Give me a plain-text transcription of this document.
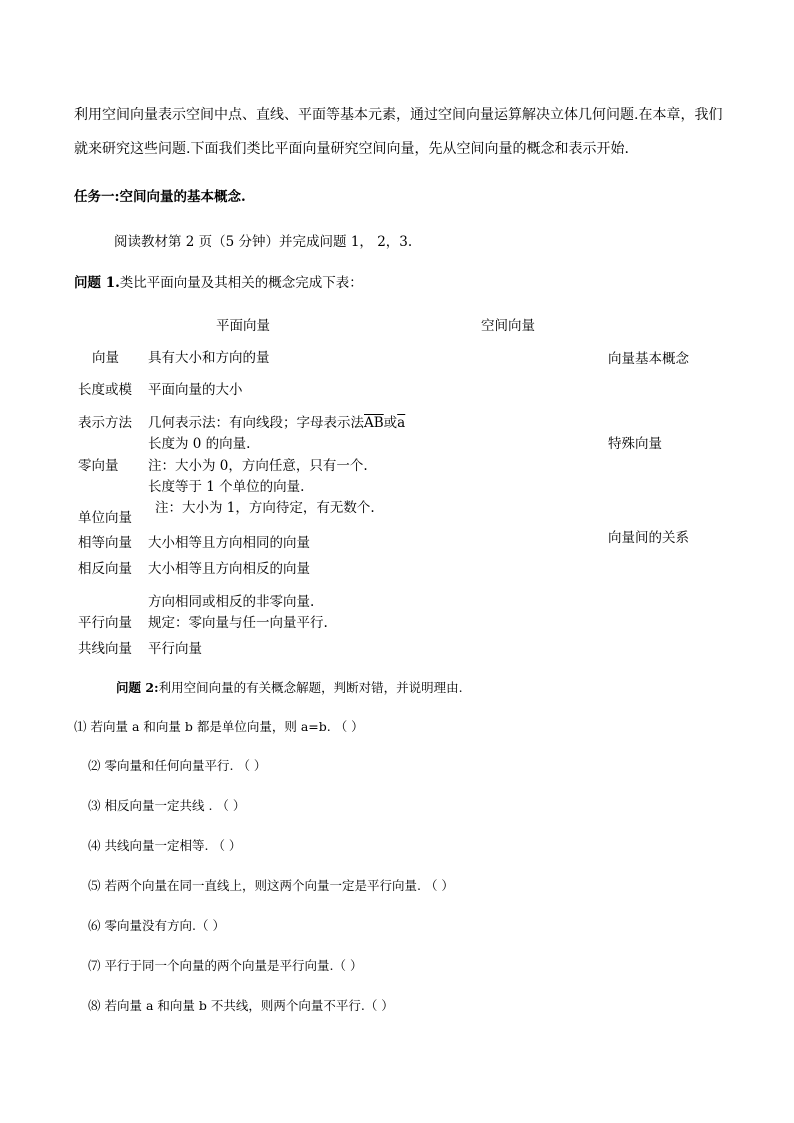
利用空间向量表示空间中点、直线、平面等基本元素，通过空间向量运算解决立体几何问题.在本章，我们就来研究这些问题.下面我们类比平面向量研究空间向量，先从空间向量的概念和表示开始.
任务一:空间向量的基本概念.
阅读教材第 2 页（5 分钟）并完成问题 1， 2，3.
问题 1.类比平面向量及其相关的概念完成下表：
平面向量	空间向量
向量 具有大小和方向的量
长度或模 平面向量的大小
表示方法 几何表示法：有向线段；字母表示法$\overline{AB}$或$\overline{a}$
长度为 0 的向量.
零向量 注：大小为 0，方向任意，只有一个.
长度等于 1 个单位的向量.
注：大小为 1，方向待定，有无数个.
单位向量
相等向量 大小相等且方向相同的向量
相反向量 大小相等且方向相反的向量
方向相同或相反的非零向量.
平行向量 规定：零向量与任一向量平行.
共线向量 平行向量
向量基本概念
特殊向量
向量间的关系
问题 2:利用空间向量的有关概念解题，判断对错，并说明理由.
⑴ 若向量 a 和向量 b 都是单位向量，则 a=b. （ ）
⑵ 零向量和任何向量平行. （ ）
⑶ 相反向量一定共线 . （ ）
⑷ 共线向量一定相等. （ ）
⑸ 若两个向量在同一直线上，则这两个向量一定是平行向量. （ ）
⑹ 零向量没有方向.（ ）
⑺ 平行于同一个向量的两个向量是平行向量.（ ）
⑻ 若向量 a 和向量 b 不共线，则两个向量不平行.（ ）
